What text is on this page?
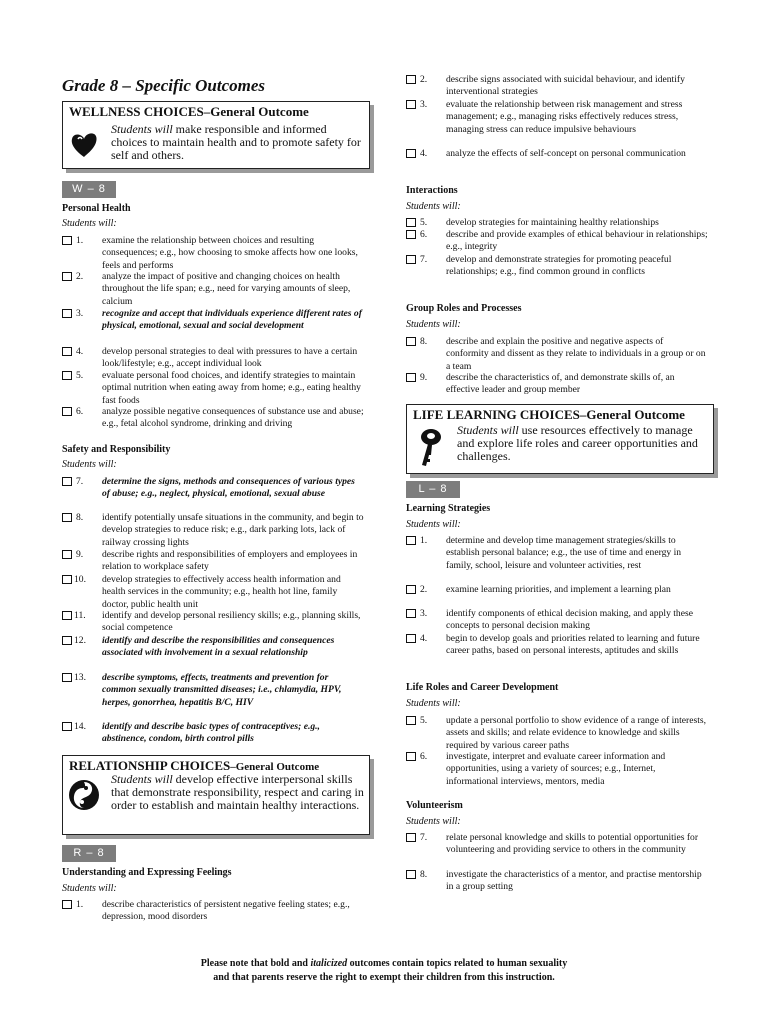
Grade 8 – Specific Outcomes
WELLNESS CHOICES–General Outcome
Students will make responsible and informed choices to maintain health and to promote safety for self and others.
W – 8
Personal Health
Students will:
1.	examine the relationship between choices and resulting consequences; e.g., how choosing to smoke affects how one looks, feels and performs
2.	analyze the impact of positive and changing choices on health throughout the life span; e.g., need for varying amounts of sleep, calcium
3.	recognize and accept that individuals experience different rates of physical, emotional, sexual and social development
4.	develop personal strategies to deal with pressures to have a certain look/lifestyle; e.g., accept individual look
5.	evaluate personal food choices, and identify strategies to maintain optimal nutrition when eating away from home; e.g., eating healthy fast foods
6.	analyze possible negative consequences of substance use and abuse; e.g., fetal alcohol syndrome, drinking and driving
Safety and Responsibility
Students will:
7.	determine the signs, methods and consequences of various types of abuse; e.g., neglect, physical, emotional, sexual abuse
8.	identify potentially unsafe situations in the community, and begin to develop strategies to reduce risk; e.g., dark parking lots, lack of railway crossing lights
9.	describe rights and responsibilities of employers and employees in relation to workplace safety
10.	develop strategies to effectively access health information and health services in the community; e.g., health hot line, family doctor, public health unit
11.	identify and develop personal resiliency skills; e.g., planning skills, social competence
12.	identify and describe the responsibilities and consequences associated with involvement in a sexual relationship
13.	describe symptoms, effects, treatments and prevention for common sexually transmitted diseases; i.e., chlamydia, HPV, herpes, gonorrhea, hepatitis B/C, HIV
14.	identify and describe basic types of contraceptives; e.g., abstinence, condom, birth control pills
RELATIONSHIP CHOICES–General Outcome
Students will develop effective interpersonal skills that demonstrate responsibility, respect and caring in order to establish and maintain healthy interactions.
R – 8
Understanding and Expressing Feelings
Students will:
1.	describe characteristics of persistent negative feeling states; e.g., depression, mood disorders
2.	describe signs associated with suicidal behaviour, and identify interventional strategies
3.	evaluate the relationship between risk management and stress management; e.g., managing risks effectively reduces stress, managing stress can reduce impulsive behaviours
4.	analyze the effects of self-concept on personal communication
Interactions
Students will:
5.	develop strategies for maintaining healthy relationships
6.	describe and provide examples of ethical behaviour in relationships; e.g., integrity
7.	develop and demonstrate strategies for promoting peaceful relationships; e.g., find common ground in conflicts
Group Roles and Processes
Students will:
8.	describe and explain the positive and negative aspects of conformity and dissent as they relate to individuals in a group or on a team
9.	describe the characteristics of, and demonstrate skills of, an effective leader and group member
LIFE LEARNING CHOICES–General Outcome
Students will use resources effectively to manage and explore life roles and career opportunities and challenges.
L – 8
Learning Strategies
Students will:
1.	determine and develop time management strategies/skills to establish personal balance; e.g., the use of time and energy in family, school, leisure and volunteer activities, rest
2.	examine learning priorities, and implement a learning plan
3.	identify components of ethical decision making, and apply these concepts to personal decision making
4.	begin to develop goals and priorities related to learning and future career paths, based on personal interests, aptitudes and skills
Life Roles and Career Development
Students will:
5.	update a personal portfolio to show evidence of a range of interests, assets and skills; and relate evidence to knowledge and skills required by various career paths
6.	investigate, interpret and evaluate career information and opportunities, using a variety of sources; e.g., Internet, informational interviews, mentors, media
Volunteerism
Students will:
7.	relate personal knowledge and skills to potential opportunities for volunteering and providing service to others in the community
8.	investigate the characteristics of a mentor, and practise mentorship in a group setting
Please note that bold and italicized outcomes contain topics related to human sexuality
and that parents reserve the right to exempt their children from this instruction.
